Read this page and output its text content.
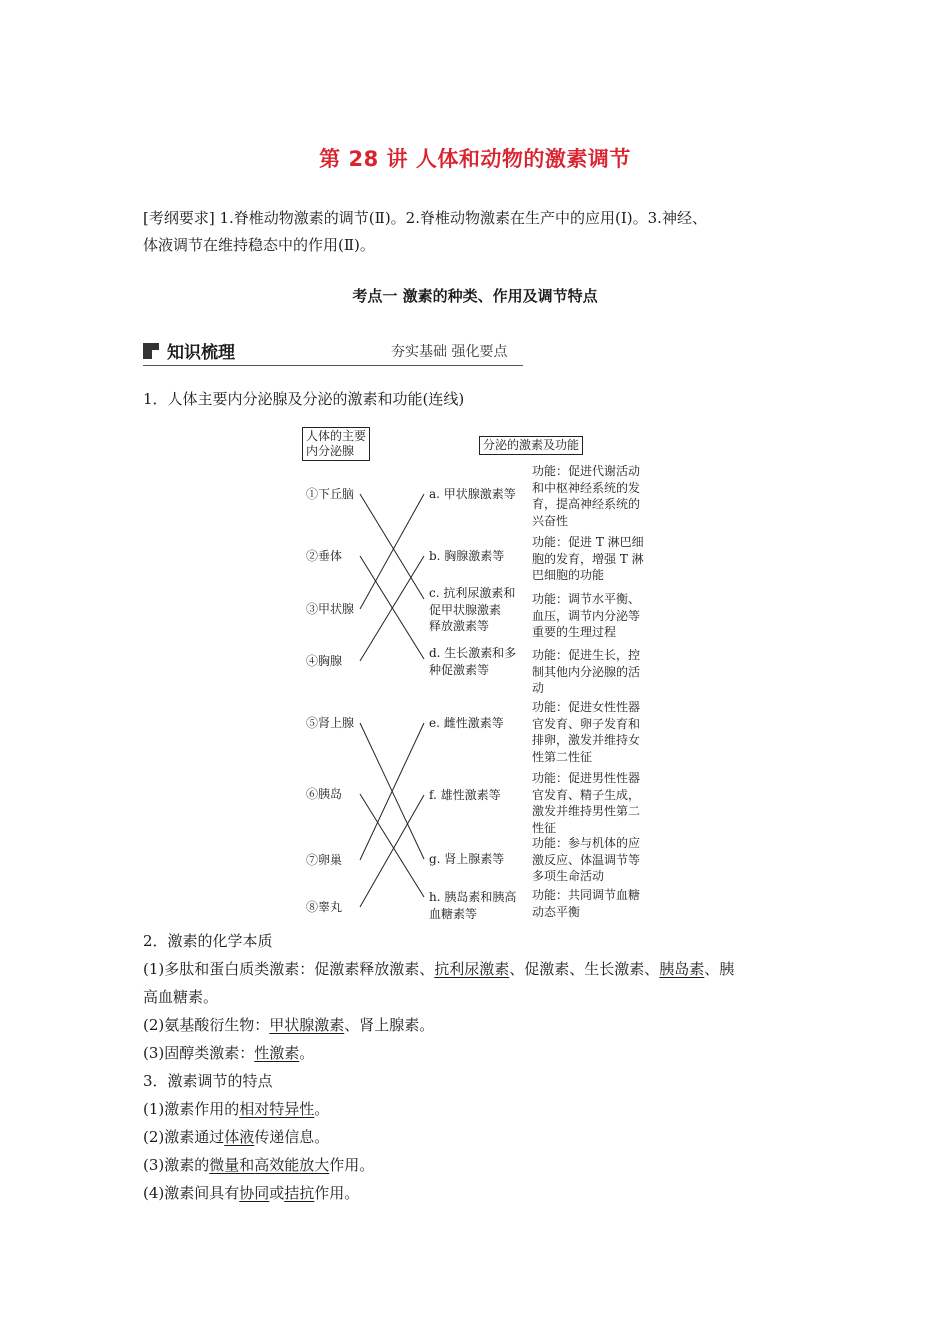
第 28 讲 人体和动物的激素调节
[考纲要求] 1.脊椎动物激素的调节(Ⅱ)。2.脊椎动物激素在生产中的应用(Ⅰ)。3.神经、
体液调节在维持稳态中的作用(Ⅱ)。
考点一 激素的种类、作用及调节特点
知识梳理	夯实基础 强化要点
1．人体主要内分泌腺及分泌的激素和功能(连线)
人体的主要
内分泌腺	分泌的激素及功能
①下丘脑
②垂体
③甲状腺
④胸腺
⑤肾上腺
⑥胰岛
⑦卵巢
⑧睾丸
a. 甲状腺激素等
b. 胸腺激素等
c. 抗利尿激素和
促甲状腺激素
释放激素等
d. 生长激素和多
种促激素等
e. 雌性激素等
f. 雄性激素等
g. 肾上腺素等
h. 胰岛素和胰高
血糖素等
功能：促进代谢活动
和中枢神经系统的发
育，提高神经系统的
兴奋性
功能：促进 T 淋巴细
胞的发育，增强 T 淋
巴细胞的功能
功能：调节水平衡、
血压，调节内分泌等
重要的生理过程
功能：促进生长，控
制其他内分泌腺的活
动
功能：促进女性性器
官发育、卵子发育和
排卵，激发并维持女
性第二性征
功能：促进男性性器
官发育、精子生成，
激发并维持男性第二
性征
功能：参与机体的应
激反应、体温调节等
多项生命活动
功能：共同调节血糖
动态平衡
2．激素的化学本质
(1)多肽和蛋白质类激素：促激素释放激素、抗利尿激素、促激素、生长激素、胰岛素、胰
高血糖素。
(2)氨基酸衍生物：甲状腺激素、肾上腺素。
(3)固醇类激素：性激素。
3．激素调节的特点
(1)激素作用的相对特异性。
(2)激素通过体液传递信息。
(3)激素的微量和高效能放大作用。
(4)激素间具有协同或拮抗作用。
